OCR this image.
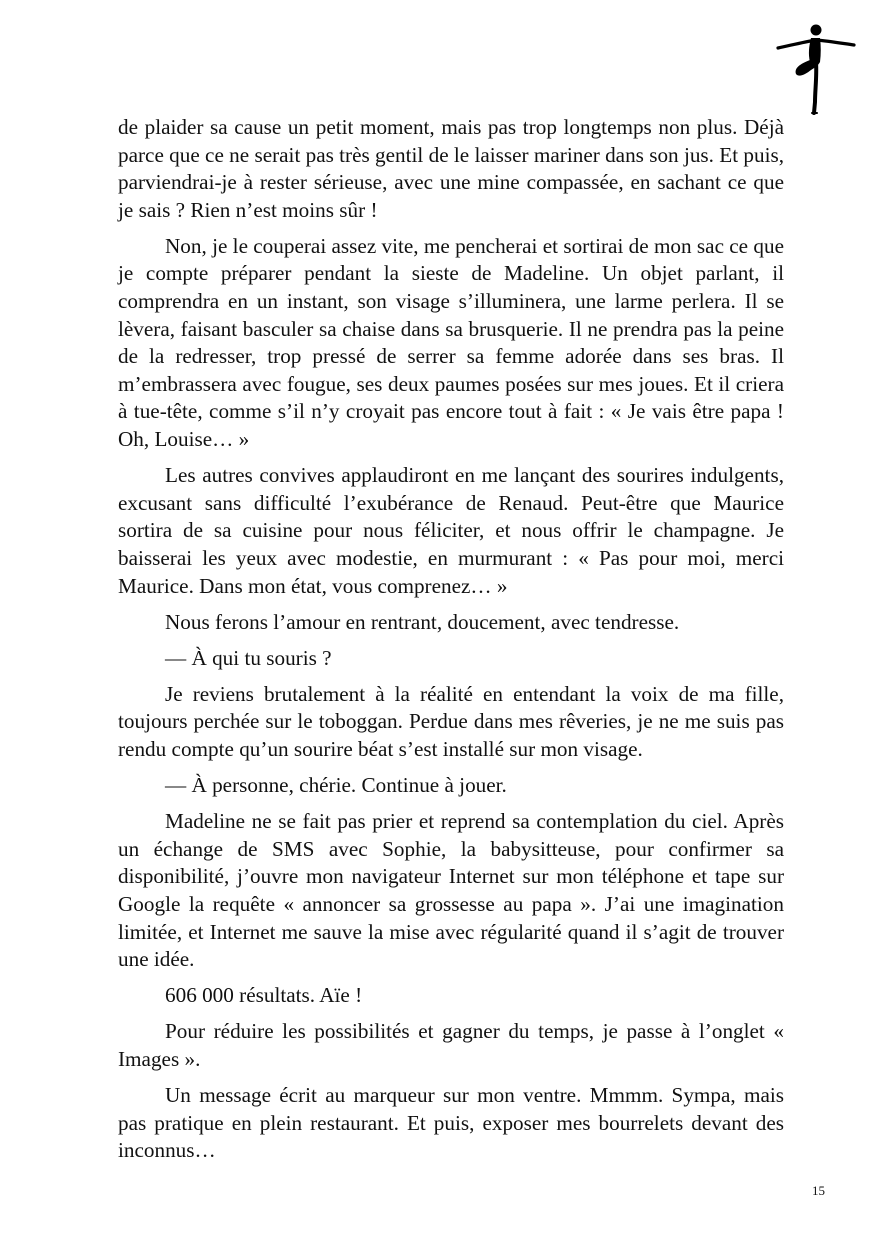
de plaider sa cause un petit moment, mais pas trop longtemps non plus. Déjà parce que ce ne serait pas très gentil de le laisser mariner dans son jus. Et puis, parviendrai-je à rester sérieuse, avec une mine compassée, en sachant ce que je sais ? Rien n’est moins sûr !

Non, je le couperai assez vite, me pencherai et sortirai de mon sac ce que je compte préparer pendant la sieste de Madeline. Un objet parlant, il comprendra en un instant, son visage s’illuminera, une larme perlera. Il se lèvera, faisant basculer sa chaise dans sa brusquerie. Il ne prendra pas la peine de la redresser, trop pressé de serrer sa femme adorée dans ses bras. Il m’embrassera avec fougue, ses deux paumes posées sur mes joues. Et il criera à tue-tête, comme s’il n’y croyait pas encore tout à fait : « Je vais être papa ! Oh, Louise… »

Les autres convives applaudiront en me lançant des sourires indulgents, excusant sans difficulté l’exubérance de Renaud. Peut-être que Maurice sortira de sa cuisine pour nous féliciter, et nous offrir le champagne. Je baisserai les yeux avec modestie, en murmurant : « Pas pour moi, merci Maurice. Dans mon état, vous comprenez… »

Nous ferons l’amour en rentrant, doucement, avec tendresse.

— À qui tu souris ?

Je reviens brutalement à la réalité en entendant la voix de ma fille, toujours perchée sur le toboggan. Perdue dans mes rêveries, je ne me suis pas rendu compte qu’un sourire béat s’est installé sur mon visage.

— À personne, chérie. Continue à jouer.

Madeline ne se fait pas prier et reprend sa contemplation du ciel. Après un échange de SMS avec Sophie, la babysitteuse, pour confirmer sa disponibilité, j’ouvre mon navigateur Internet sur mon téléphone et tape sur Google la requête « annoncer sa grossesse au papa ». J’ai une imagination limitée, et Internet me sauve la mise avec régularité quand il s’agit de trouver une idée.

606 000 résultats. Aïe !

Pour réduire les possibilités et gagner du temps, je passe à l’onglet « Images ».

Un message écrit au marqueur sur mon ventre. Mmmm. Sympa, mais pas pratique en plein restaurant. Et puis, exposer mes bourrelets devant des inconnus…

15
